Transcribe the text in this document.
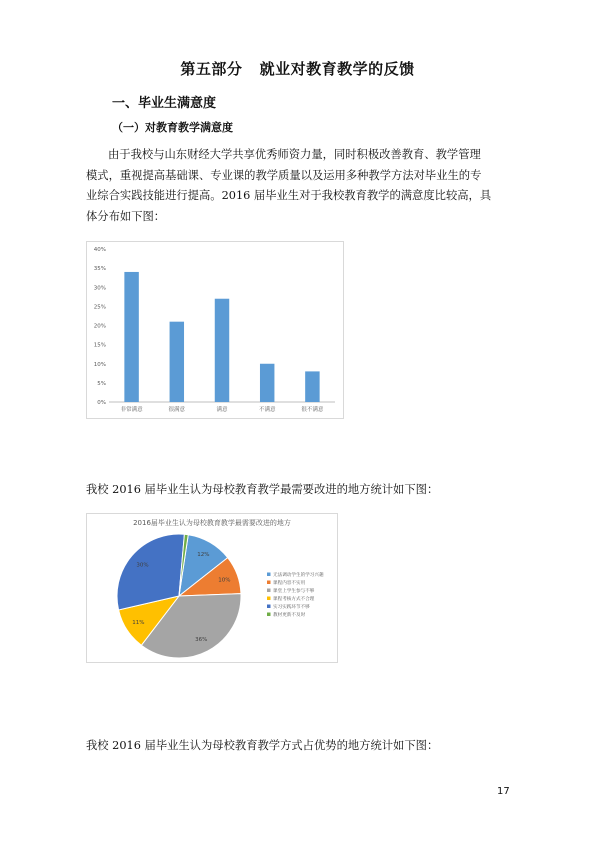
第五部分   就业对教育教学的反馈
一、毕业生满意度
（一）对教育教学满意度
由于我校与山东财经大学共享优秀师资力量，同时积极改善教育、教学管理
模式，重视提高基础课、专业课的教学质量以及运用多种教学方法对毕业生的专
业综合实践技能进行提高。2016 届毕业生对于我校教育教学的满意度比较高，具
体分布如下图：
0%
5%
10%
15%
20%
25%
30%
35%
40%
非常满意	很满意	满意	不满意	很不满意
我校 2016 届毕业生认为母校教育教学最需要改进的地方统计如下图：
2016届毕业生认为母校教育教学最需要改进的地方
12%
10%
36%
11%
30%
无法调动学生的学习兴趣
课程内容不实用
课堂上学生参与不够
课程考核方式不合理
实习实践环节不够
教材更新不及时
我校 2016 届毕业生认为母校教育教学方式占优势的地方统计如下图：
17
